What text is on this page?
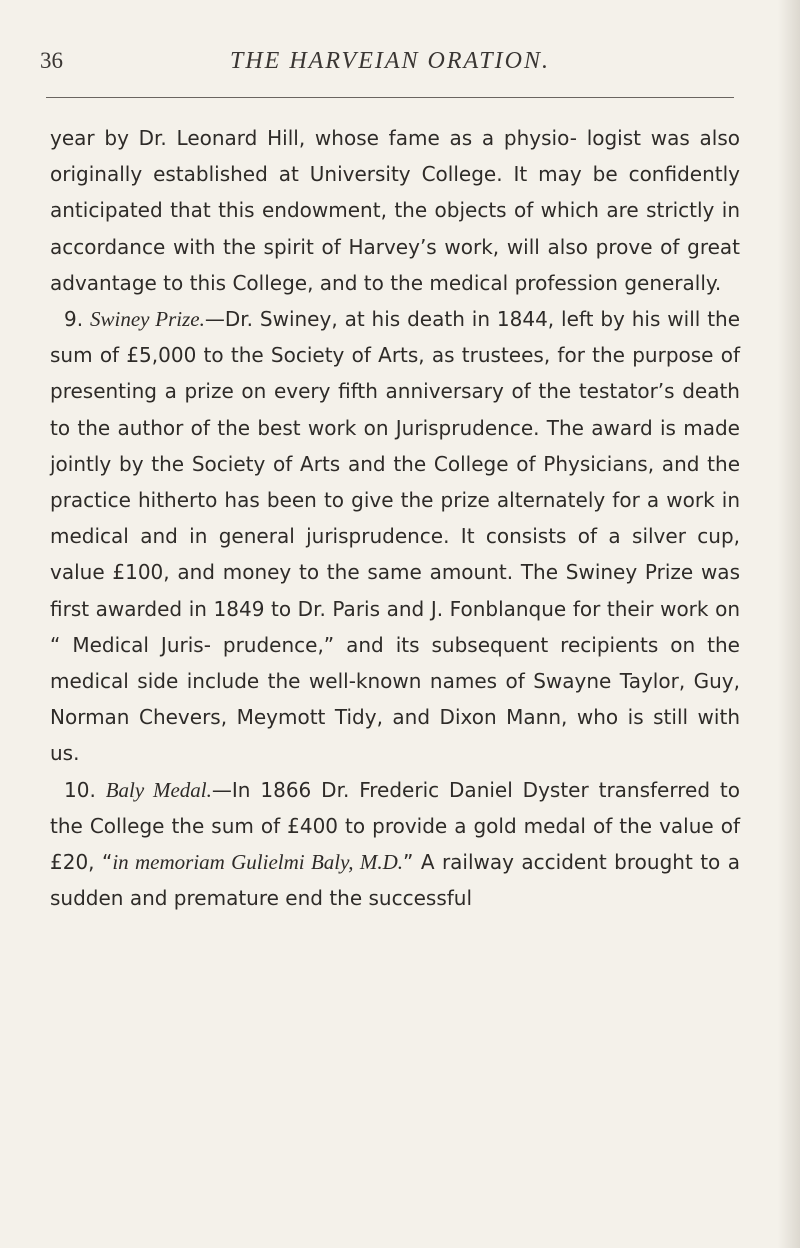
36	THE HARVEIAN ORATION.

year by Dr. Leonard Hill, whose fame as a physio- logist was also originally established at University College. It may be confidently anticipated that this endowment, the objects of which are strictly in accordance with the spirit of Harvey’s work, will also prove of great advantage to this College, and to the medical profession generally.

9. Swiney Prize.—Dr. Swiney, at his death in 1844, left by his will the sum of £5,000 to the Society of Arts, as trustees, for the purpose of presenting a prize on every fifth anniversary of the testator’s death to the author of the best work on Jurisprudence. The award is made jointly by the Society of Arts and the College of Physicians, and the practice hitherto has been to give the prize alternately for a work in medical and in general jurisprudence. It consists of a silver cup, value £100, and money to the same amount. The Swiney Prize was first awarded in 1849 to Dr. Paris and J. Fonblanque for their work on “ Medical Juris- prudence,” and its subsequent recipients on the medical side include the well-known names of Swayne Taylor, Guy, Norman Chevers, Meymott Tidy, and Dixon Mann, who is still with us.

10. Baly Medal.—In 1866 Dr. Frederic Daniel Dyster transferred to the College the sum of £400 to provide a gold medal of the value of £20, “in memoriam Gulielmi Baly, M.D.” A railway accident brought to a sudden and premature end the successful
